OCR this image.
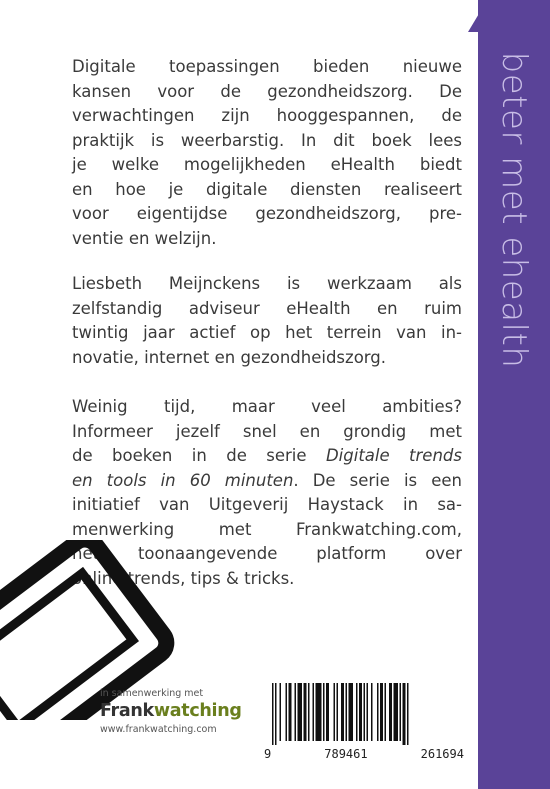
beter met ehealth
Digitale toepassingen bieden nieuwe
kansen voor de gezondheidszorg. De
verwachtingen zijn hooggespannen, de
praktijk is weerbarstig. In dit boek lees
je welke mogelijkheden eHealth biedt
en hoe je digitale diensten realiseert
voor eigentijdse gezondheidszorg, pre-
ventie en welzijn.
Liesbeth Meijnckens is werkzaam als
zelfstandig adviseur eHealth en ruim
twintig jaar actief op het terrein van in-
novatie, internet en gezondheidszorg.
Weinig tijd, maar veel ambities?
Informeer jezelf snel en grondig met
de boeken in de serie Digitale trends
en tools in 60 minuten. De serie is een
initiatief van Uitgeverij Haystack in sa-
menwerking met Frankwatching.com,
het toonaangevende platform over
online trends, tips & tricks.
in samenwerking met
Frankwatching
www.frankwatching.com
9	789461	261694
